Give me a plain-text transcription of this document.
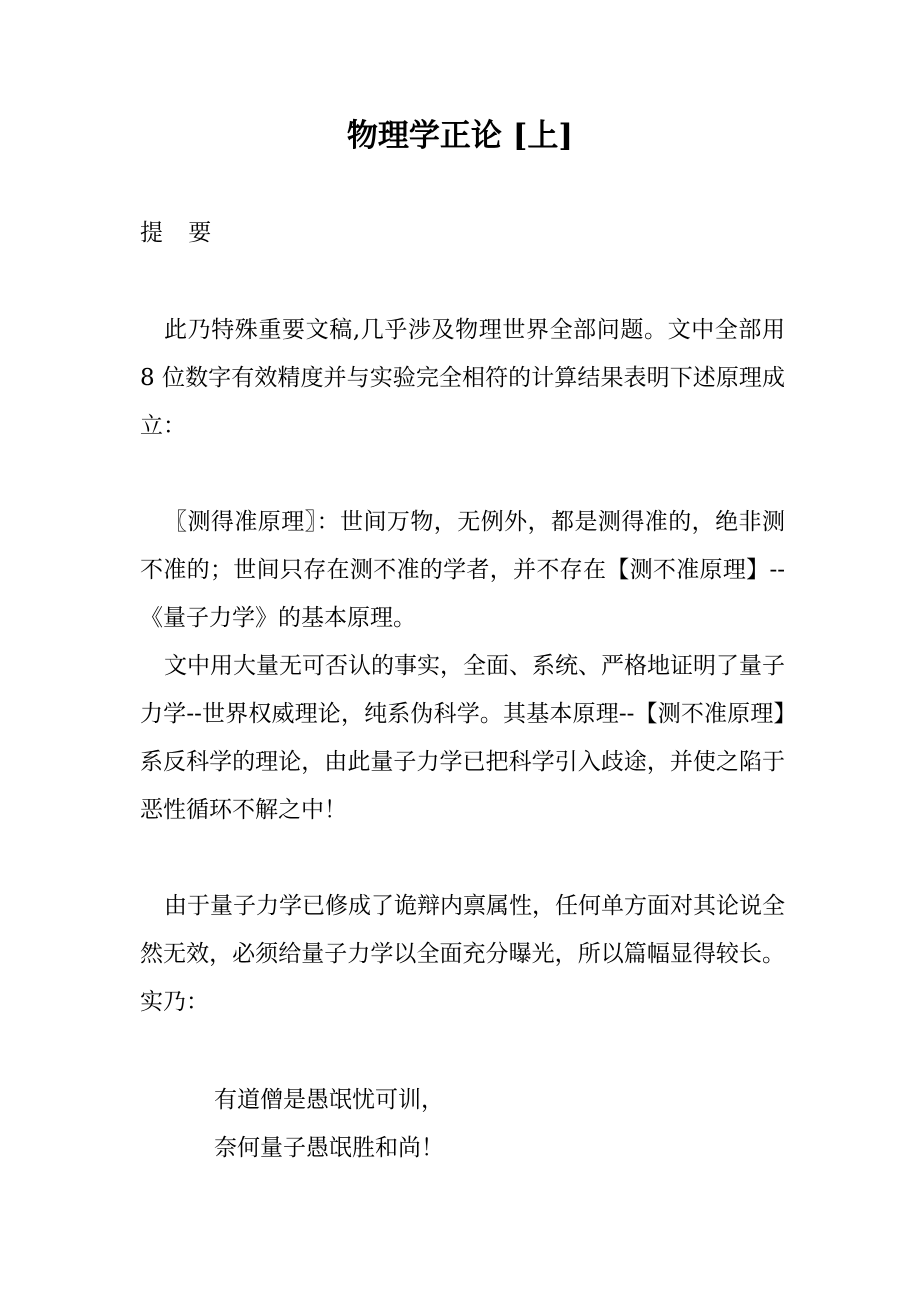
物理学正论 [上]

提 要

此乃特殊重要文稿,几乎涉及物理世界全部问题。文中全部用 8 位数字有效精度并与实验完全相符的计算结果表明下述原理成立：

〖测得准原理〗：世间万物，无例外，都是测得准的，绝非测不准的；世间只存在测不准的学者，并不存在【测不准原理】--《量子力学》的基本原理。

文中用大量无可否认的事实，全面、系统、严格地证明了量子力学--世界权威理论，纯系伪科学。其基本原理--【测不准原理】系反科学的理论，由此量子力学已把科学引入歧途，并使之陷于恶性循环不解之中！

由于量子力学已修成了诡辩内禀属性，任何单方面对其论说全然无效，必须给量子力学以全面充分曝光，所以篇幅显得较长。实乃：

有道僧是愚氓忧可训，
奈何量子愚氓胜和尚！
